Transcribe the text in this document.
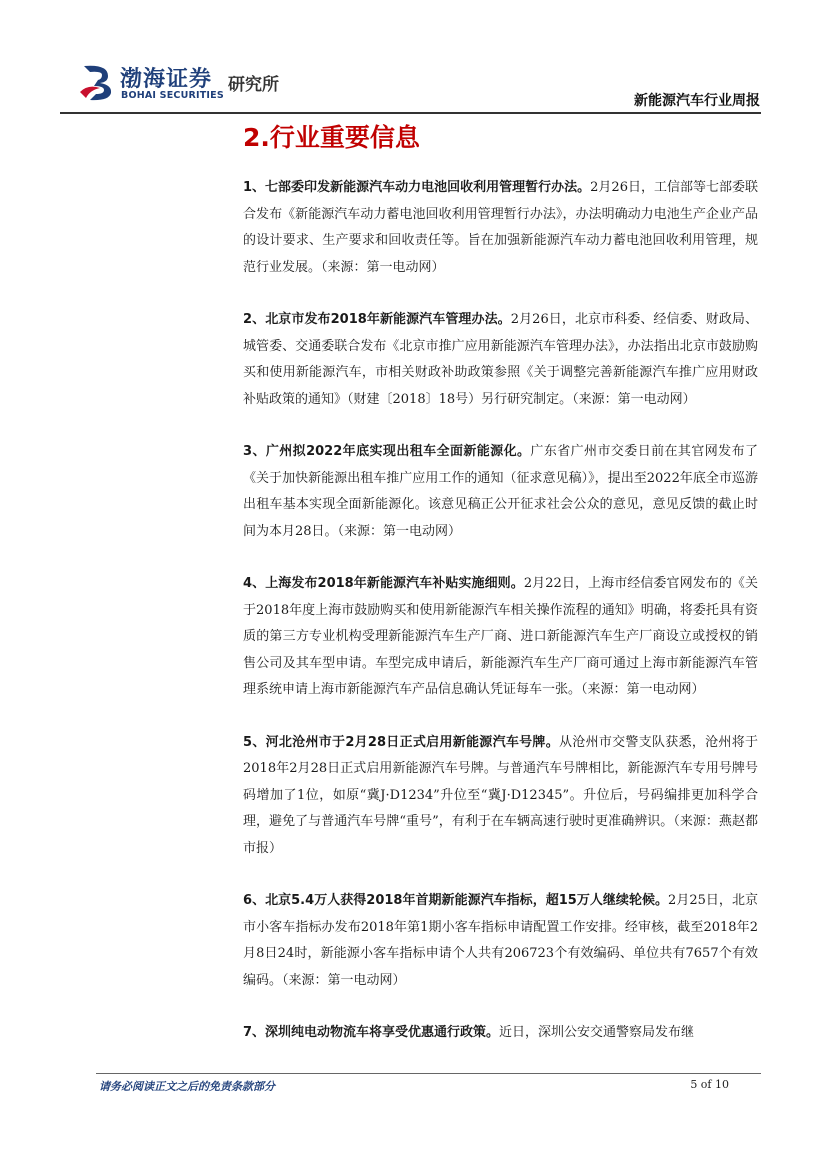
渤海证券
BOHAI SECURITIES
研究所
新能源汽车行业周报
2.行业重要信息

1、七部委印发新能源汽车动力电池回收利用管理暂行办法。2月26日，工信部等七部委联合发布《新能源汽车动力蓄电池回收利用管理暂行办法》，办法明确动力电池生产企业产品的设计要求、生产要求和回收责任等。旨在加强新能源汽车动力蓄电池回收利用管理，规范行业发展。（来源：第一电动网）

2、北京市发布2018年新能源汽车管理办法。2月26日，北京市科委、经信委、财政局、城管委、交通委联合发布《北京市推广应用新能源汽车管理办法》，办法指出北京市鼓励购买和使用新能源汽车，市相关财政补助政策参照《关于调整完善新能源汽车推广应用财政补贴政策的通知》（财建〔2018〕18号）另行研究制定。（来源：第一电动网）

3、广州拟2022年底实现出租车全面新能源化。广东省广州市交委日前在其官网发布了《关于加快新能源出租车推广应用工作的通知（征求意见稿）》，提出至2022年底全市巡游出租车基本实现全面新能源化。该意见稿正公开征求社会公众的意见，意见反馈的截止时间为本月28日。（来源：第一电动网）

4、上海发布2018年新能源汽车补贴实施细则。2月22日，上海市经信委官网发布的《关于2018年度上海市鼓励购买和使用新能源汽车相关操作流程的通知》明确，将委托具有资质的第三方专业机构受理新能源汽车生产厂商、进口新能源汽车生产厂商设立或授权的销售公司及其车型申请。车型完成申请后，新能源汽车生产厂商可通过上海市新能源汽车管理系统申请上海市新能源汽车产品信息确认凭证每车一张。（来源：第一电动网）

5、河北沧州市于2月28日正式启用新能源汽车号牌。从沧州市交警支队获悉，沧州将于2018年2月28日正式启用新能源汽车号牌。与普通汽车号牌相比，新能源汽车专用号牌号码增加了1位，如原“冀J·D1234”升位至“冀J·D12345”。升位后，号码编排更加科学合理，避免了与普通汽车号牌“重号”，有利于在车辆高速行驶时更准确辨识。（来源：燕赵都市报）

6、北京5.4万人获得2018年首期新能源汽车指标，超15万人继续轮候。2月25日，北京市小客车指标办发布2018年第1期小客车指标申请配置工作安排。经审核，截至2018年2月8日24时，新能源小客车指标申请个人共有206723个有效编码、单位共有7657个有效编码。（来源：第一电动网）

7、深圳纯电动物流车将享受优惠通行政策。近日，深圳公安交通警察局发布继

请务必阅读正文之后的免责条款部分	5 of 10
